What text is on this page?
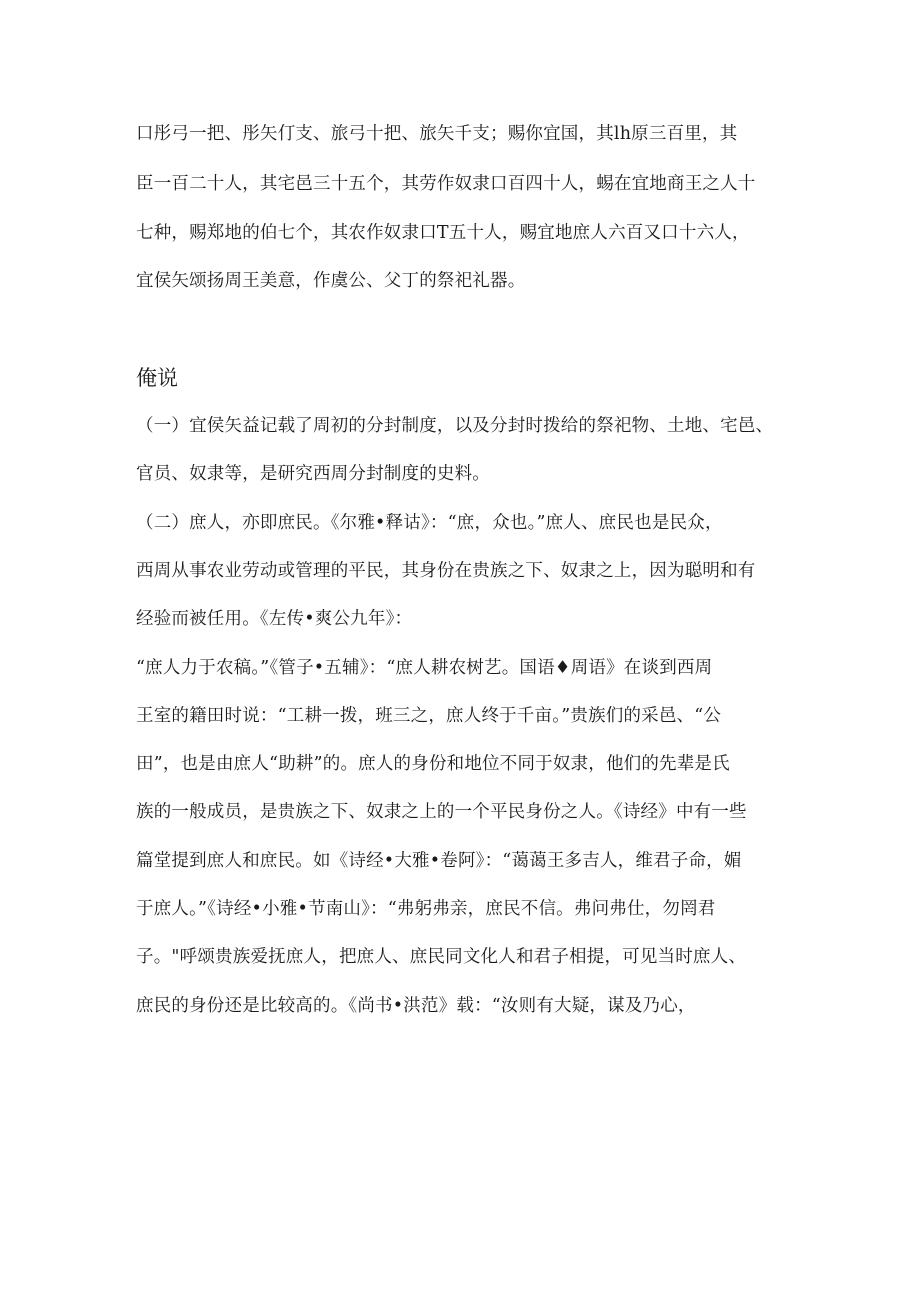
口彤弓一把、彤矢仃支、旅弓十把、旅矢千支；赐你宜国，其lh原三百里，其
臣一百二十人，其宅邑三十五个，其劳作奴隶口百四十人，蜴在宜地商王之人十
七种，赐郑地的伯七个，其农作奴隶口T五十人，赐宜地庶人六百又口十六人，
宜侯矢颂扬周王美意，作虞公、父丁的祭祀礼器。
俺说
（一）宜侯矢益记载了周初的分封制度，以及分封时拨给的祭祀物、土地、宅邑、
官员、奴隶等，是研究西周分封制度的史料。
（二）庶人，亦即庶民。《尔雅•释诂》：“庶，众也。”庶人、庶民也是民众，
西周从事农业劳动或管理的平民，其身份在贵族之下、奴隶之上，因为聪明和有
经验而被任用。《左传•爽公九年》：
“庶人力于农稿。”《管子•五辅》：“庶人耕农树艺。国语♦周语》在谈到西周
王室的籍田时说：“工耕一拨，班三之，庶人终于千亩。”贵族们的采邑、“公
田”，也是由庶人“助耕”的。庶人的身份和地位不同于奴隶，他们的先辈是氏
族的一般成员，是贵族之下、奴隶之上的一个平民身份之人。《诗经》中有一些
篇堂提到庶人和庶民。如《诗经•大雅•卷阿》：“蔼蔼王多吉人，维君子命，媚
于庶人。”《诗经•小雅•节南山》：“弗躬弗亲，庶民不信。弗问弗仕，勿罔君
子。"呼颂贵族爱抚庶人，把庶人、庶民同文化人和君子相提，可见当时庶人、
庶民的身份还是比较高的。《尚书•洪范》载：“汝则有大疑，谋及乃心，
